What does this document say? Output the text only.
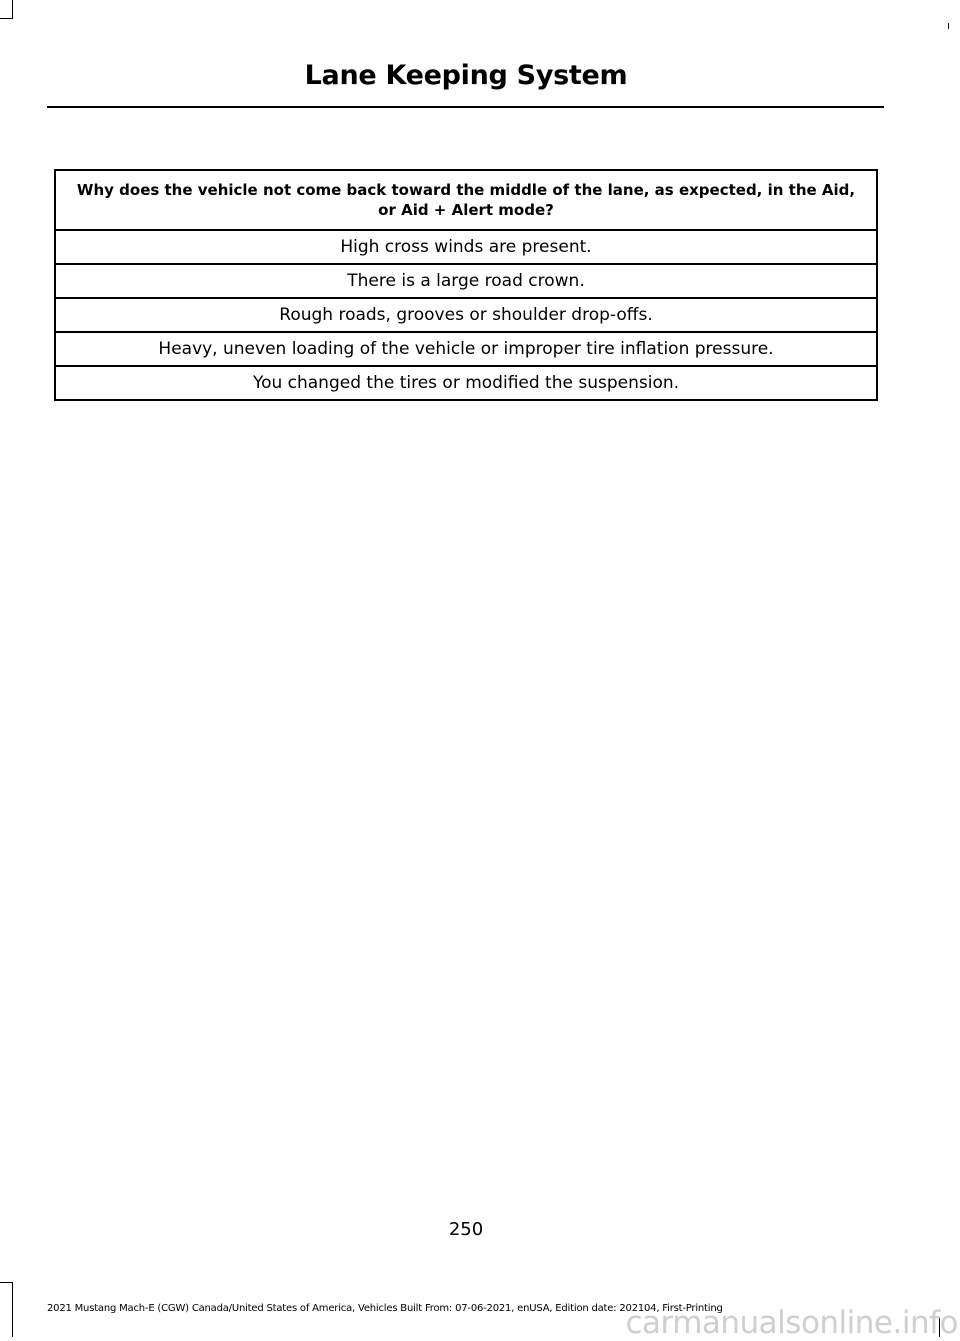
Lane Keeping System
Why does the vehicle not come back toward the middle of the lane, as expected, in the Aid, or Aid + Alert mode?
High cross winds are present.
There is a large road crown.
Rough roads, grooves or shoulder drop-offs.
Heavy, uneven loading of the vehicle or improper tire inflation pressure.
You changed the tires or modified the suspension.
250
2021 Mustang Mach-E (CGW) Canada/United States of America, Vehicles Built From: 07-06-2021, enUSA, Edition date: 202104, First-Printing
carmanualsonline.info
